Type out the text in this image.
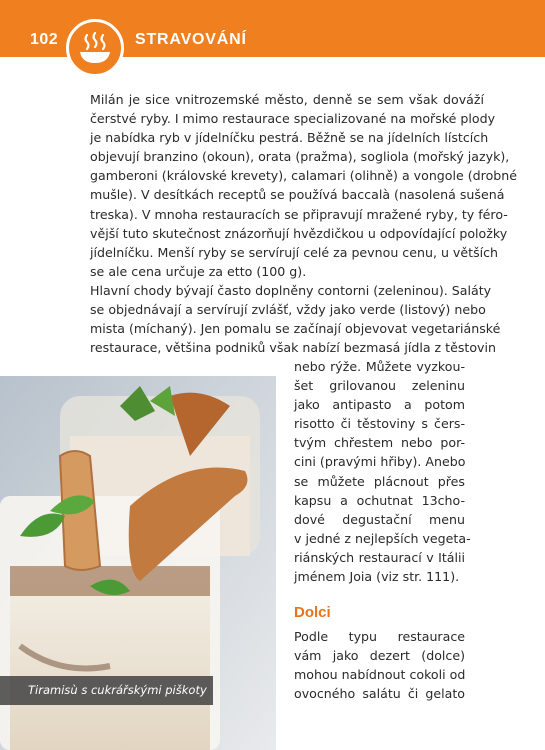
102	STRAVOVÁNÍ

Milán je sice vnitrozemské město, denně se sem však dováží
čerstvé ryby. I mimo restaurace specializované na mořské plody
je nabídka ryb v jídelníčku pestrá. Běžně se na jídelních lístcích
objevují branzino (okoun), orata (pražma), sogliola (mořský jazyk),
gamberoni (královské krevety), calamari (olihně) a vongole (drobné
mušle). V desítkách receptů se používá baccalà (nasolená sušená
treska). V mnoha restauracích se připravují mražené ryby, ty féro-
vější tuto skutečnost znázorňují hvězdičkou u odpovídající položky
jídelníčku. Menší ryby se servírují celé za pevnou cenu, u větších
se ale cena určuje za etto (100 g).

Hlavní chody bývají často doplněny contorni (zeleninou). Saláty
se objednávají a servírují zvlášť, vždy jako verde (listový) nebo
mista (míchaný). Jen pomalu se začínají objevovat vegetariánské
restaurace, většina podniků však nabízí bezmasá jídla z těstovin

Tiramisù s cukrářskými piškoty

nebo rýže. Můžete vyzkou-
šet grilovanou zeleninu
jako antipasto a potom
risotto či těstoviny s čers-
tvým chřestem nebo por-
cini (pravými hřiby). Anebo
se můžete plácnout přes
kapsu a ochutnat 13cho-
dové degustační menu
v jedné z nejlepších vegeta-
riánských restaurací v Itálii
jménem Joia (viz str. 111).

Dolci

Podle typu restaurace
vám jako dezert (dolce)
mohou nabídnout cokoli od
ovocného salátu či gelato
